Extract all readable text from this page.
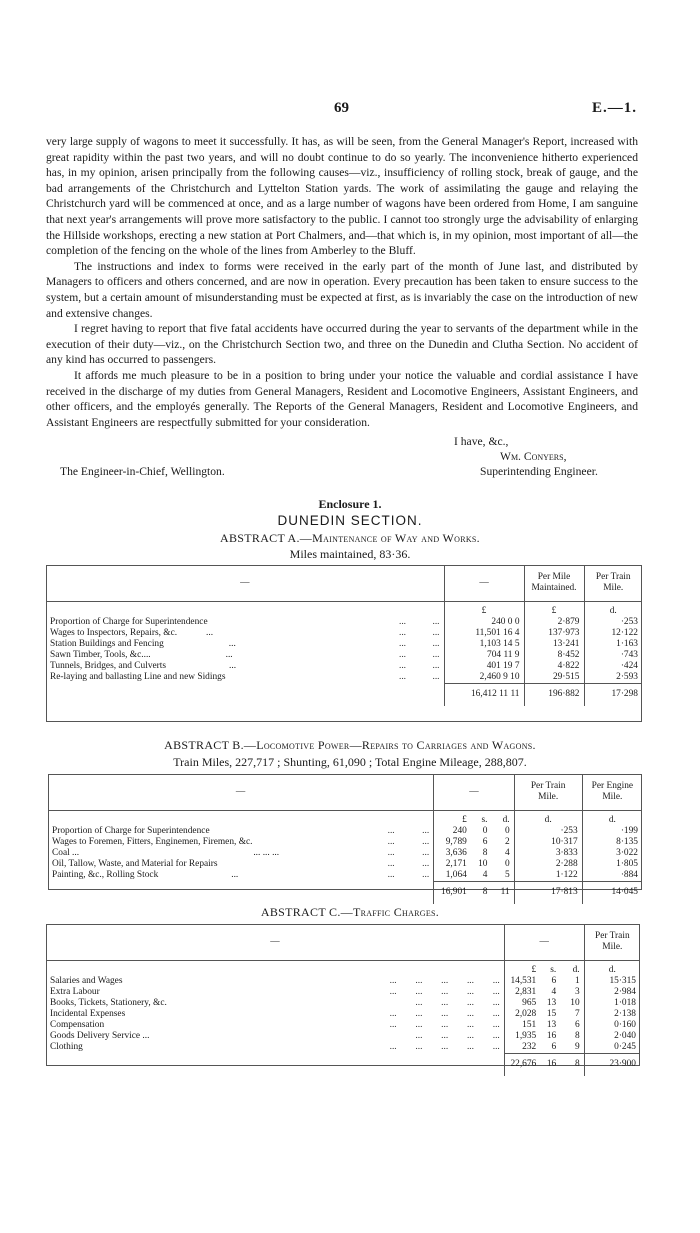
69	E.—1.

very large supply of wagons to meet it successfully. It has, as will be seen, from the General Manager's Report, increased with great rapidity within the past two years, and will no doubt continue to do so yearly. The inconvenience hitherto experienced has, in my opinion, arisen principally from the following causes—viz., insufficiency of rolling stock, break of gauge, and the bad arrangements of the Christchurch and Lyttelton Station yards. The work of assimilating the gauge and relaying the Christchurch yard will be commenced at once, and as a large number of wagons have been ordered from Home, I am sanguine that next year's arrangements will prove more satisfactory to the public. I cannot too strongly urge the advisability of enlarging the Hillside workshops, erecting a new station at Port Chalmers, and—that which is, in my opinion, most important of all—the completion of the fencing on the whole of the lines from Amberley to the Bluff.

The instructions and index to forms were received in the early part of the month of June last, and distributed by Managers to officers and others concerned, and are now in operation. Every precaution has been taken to ensure success to the system, but a certain amount of misunderstanding must be expected at first, as is invariably the case on the introduction of new and extensive changes.

I regret having to report that five fatal accidents have occurred during the year to servants of the department while in the execution of their duty—viz., on the Christchurch Section two, and three on the Dunedin and Clutha Section. No accident of any kind has occurred to passengers.

It affords me much pleasure to be in a position to bring under your notice the valuable and cordial assistance I have received in the discharge of my duties from General Managers, Resident and Locomotive Engineers, Assistant Engineers, and other officers, and the employés generally. The Reports of the General Managers, Resident and Locomotive Engineers, and Assistant Engineers are respectfully submitted for your consideration.

I have, &c.,
Wm. Conyers,
Superintending Engineer.
The Engineer-in-Chief, Wellington.
Enclosure 1.
DUNEDIN SECTION.
ABSTRACT A.—Maintenance of Way and Works.
Miles maintained, 83·36.
—			—	Per Mile
Maintained.	Per Train
Mile.
			£	£	d.
Proportion of Charge for Superintendence	...	...	240 0 0	2·879	·253
Wages to Inspectors, Repairs, &c. ...	...	...	11,501 16 4	137·973	12·122
Station Buildings and Fencing ...	...	...	1,103 14 5	13·241	1·163
Sawn Timber, Tools, &c.... ...	...	...	704 11 9	8·452	·743
Tunnels, Bridges, and Culverts ...	...	...	401 19 7	4·822	·424
Re-laying and ballasting Line and new Sidings	...	...	2,460 9 10	29·515	2·593
			16,412 11 11	196·882	17·298
ABSTRACT B.—Locomotive Power—Repairs to Carriages and Wagons.
Train Miles, 227,717 ; Shunting, 61,090 ; Total Engine Mileage, 288,807.
—			—			Per Train
Mile.	Per Engine
Mile.
			£	s.	d.	d.	d.
Proportion of Charge for Superintendence	...	...	240	0	0	·253	·199
Wages to Foremen, Fitters, Enginemen, Firemen, &c.	...	...	9,789	6	2	10·317	8·135
Coal ... ... ... ...	...	...	3,636	8	4	3·833	3·022
Oil, Tallow, Waste, and Material for Repairs	...	...	2,171	10	0	2·288	1·805
Painting, &c., Rolling Stock ...	...	...	1,064	4	5	1·122	·884
			16,901	8	11	17·813	14·045
ABSTRACT C.—Traffic Charges.
—		—			Per Train
Mile.
		£	s.	d.	d.
Salaries and Wages	...        ...        ...        ...        ...	14,531	6	1	15·315
Extra Labour	...        ...        ...        ...        ...	2,831	4	3	2·984
Books, Tickets, Stationery, &c.	...        ...        ...        ...	965	13	10	1·018
Incidental Expenses	...        ...        ...        ...        ...	2,028	15	7	2·138
Compensation	...        ...        ...        ...        ...	151	13	6	0·160
Goods Delivery Service ...	...        ...        ...        ...	1,935	16	8	2·040
Clothing	...        ...        ...        ...        ...	232	6	9	0·245
		22,676	16	8	23·900
